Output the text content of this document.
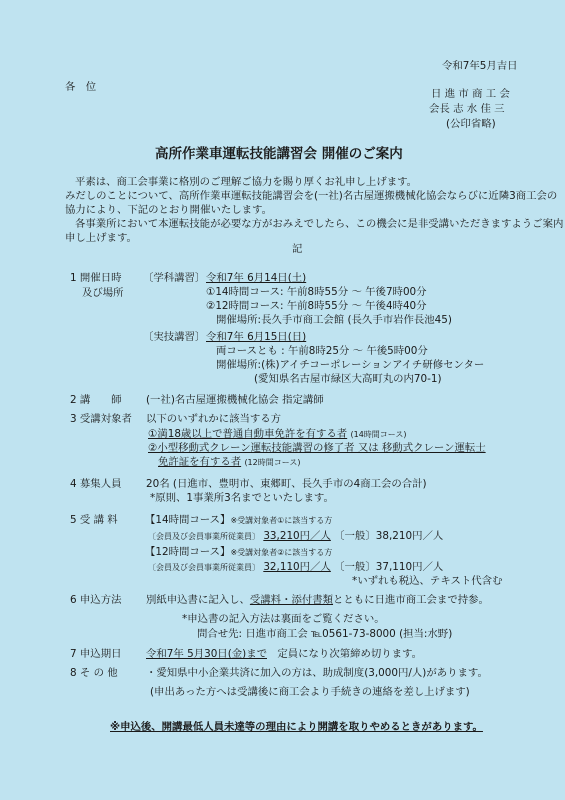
令和7年5月吉日
各　位
日 進 市 商 工 会
会長 志 水 佳 三
(公印省略)
高所作業車運転技能講習会 開催のご案内
平素は、商工会事業に格別のご理解ご協力を賜り厚くお礼申し上げます。
みだしのことについて、高所作業車運転技能講習会を(一社)名古屋運搬機械化協会ならびに近隣3商工会の
協力により、下記のとおり開催いたします。
各事業所において本運転技能が必要な方がおみえでしたら、この機会に是非受講いただきますようご案内
申し上げます。
記
1 開催日時
及び場所
〔学科講習〕 令和7年 6月14日(土)
①14時間コース: 午前8時55分 ～ 午後7時00分
②12時間コース: 午前8時55分 ～ 午後4時40分
開催場所:長久手市商工会館 (長久手市岩作長池45)
〔実技講習〕 令和7年 6月15日(日)
両コースとも : 午前8時25分 ～ 午後5時00分
開催場所:(株)アイチコーポレーションアイチ研修センター
(愛知県名古屋市緑区大高町丸の内70-1)
2 講　　師 (一社)名古屋運搬機械化協会 指定講師
3 受講対象者 以下のいずれかに該当する方
①満18歳以上で普通自動車免許を有する者 (14時間コース)
②小型移動式クレーン運転技能講習の修了者 又は 移動式クレーン運転士
免許証を有する者 (12時間コース)
4 募集人員 20名 (日進市、豊明市、東郷町、長久手市の4商工会の合計)
*原則、1事業所3名までといたします。
5 受 講 料	【14時間コース】※受講対象者①に該当する方
〔会員及び会員事業所従業員〕 33,210円／人 〔一般〕38,210円／人
【12時間コース】※受講対象者②に該当する方
〔会員及び会員事業所従業員〕 32,110円／人 〔一般〕37,110円／人
*いずれも税込、テキスト代含む
6 申込方法 別紙申込書に記入し、受講料・添付書類とともに日進市商工会まで持参。
*申込書の記入方法は裏面をご覧ください。
問合せ先: 日進市商工会 ℡0561-73-8000 (担当:水野)
7 申込期日 令和7年 5月30日(金)まで　 定員になり次第締め切ります。
8 そ の 他	・愛知県中小企業共済に加入の方は、助成制度(3,000円/人)があります。
(申出あった方へは受講後に商工会より手続きの連絡を差し上げます)
※申込後、開講最低人員未達等の理由により開講を取りやめるときがあります。
